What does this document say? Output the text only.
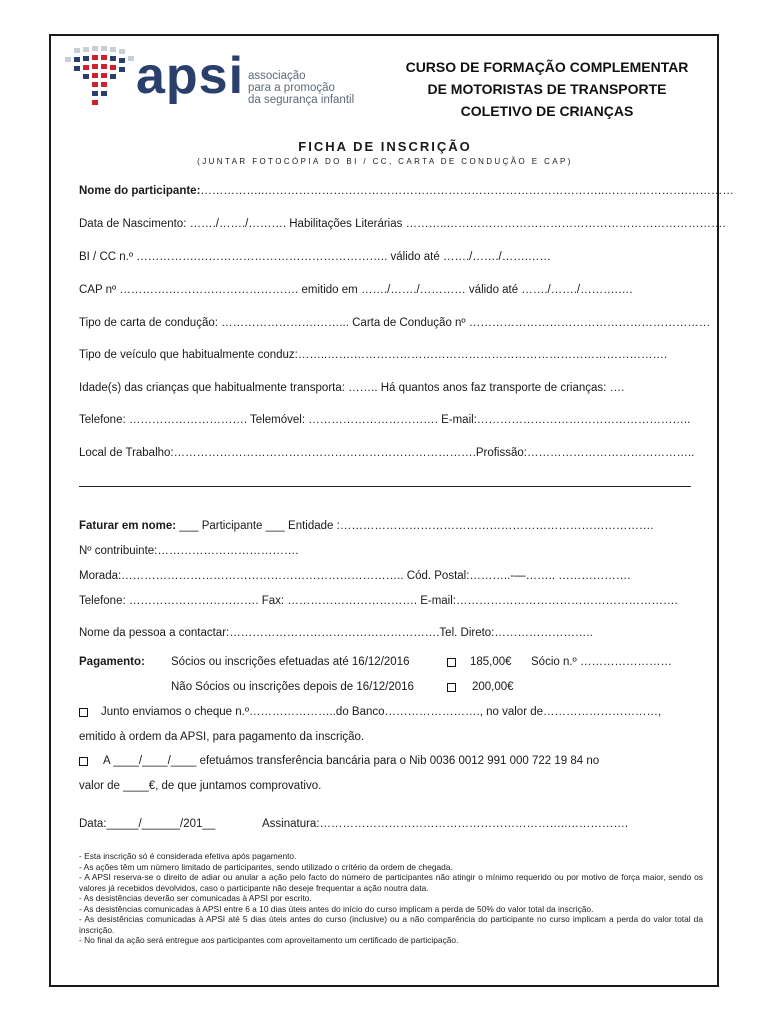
apsi associação
para a promoção
da segurança infantil
CURSO DE FORMAÇÃO COMPLEMENTAR
DE MOTORISTAS DE TRANSPORTE
COLETIVO DE CRIANÇAS
FICHA DE INSCRIÇÃO
(JUNTAR FOTOCÓPIA DO BI / CC, CARTA DE CONDUÇÃO E CAP)
Nome do participante:……………..……………………………………………………………………………..………………….…………
Data de Nascimento: ……./……./………. Habilitações Literárias ………..……………………………………………………………….
BI / CC n.º …………….………………………………………….. válido até ……./……./…….……
CAP nº ………….……………………………. emitido em ……./……./………… válido até ……./……./……….….
Tipo de carta de condução: …………………….……... Carta de Condução nº ………………………………………………………
Tipo de veículo que habitualmente conduz:……..…….……………………………………………………………………….
Idade(s) das crianças que habitualmente transporta: …….. Há quantos anos faz transporte de crianças: ….
Telefone: …………………………. Telemóvel: ……………………………. E-mail:………………………………………………..
Local de Trabalho:…………………………………………………………………….Profissão:……………………………………..
Faturar em nome: ___ Participante ___ Entidade :……………………………………………………………………….
Nº contribuinte:……………………………….
Morada:……………………………………………………………….. Cód. Postal:………..-—…….. ……………….
Telefone: ……………………………. Fax: ……………………………. E-mail:………………………………………………….
Nome da pessoa a contactar:……………………………………………….Tel. Direto:……………………..
Pagamento: Sócios ou inscrições efetuadas até 16/12/2016	185,00€ Sócio n.º ……………………
Não Sócios ou inscrições depois de 16/12/2016	200,00€
Junto enviamos o cheque n.º…………………..do Banco……………………., no valor de…………………………,
emitido à ordem da APSI, para pagamento da inscrição.
A ____/____/____ efetuámos transferência bancária para o Nib 0036 0012 991 000 722 19 84 no
valor de ____€, de que juntamos comprovativo.
Data:_____/______/201__	Assinatura:………………………………………………………..…………….

- Esta inscrição só é considerada efetiva após pagamento.

- As ações têm um número limitado de participantes, sendo utilizado o critério da ordem de chegada.

- A APSI reserva-se o direito de adiar ou anular a ação pelo facto do número de participantes não atingir o mínimo requerido ou por motivo de força maior, sendo os valores já recebidos devolvidos, caso o participante não deseje frequentar a ação noutra data.

- As desistências deverão ser comunicadas à APSI por escrito.

- As desistências comunicadas à APSI entre 6 a 10 dias úteis antes do início do curso implicam a perda de 50% do valor total da inscrição.

- As desistências comunicadas à APSI até 5 dias úteis antes do curso (inclusive) ou a não comparência do participante no curso implicam a perda do valor total da inscrição.

- No final da ação será entregue aos participantes com aproveitamento um certificado de participação.
